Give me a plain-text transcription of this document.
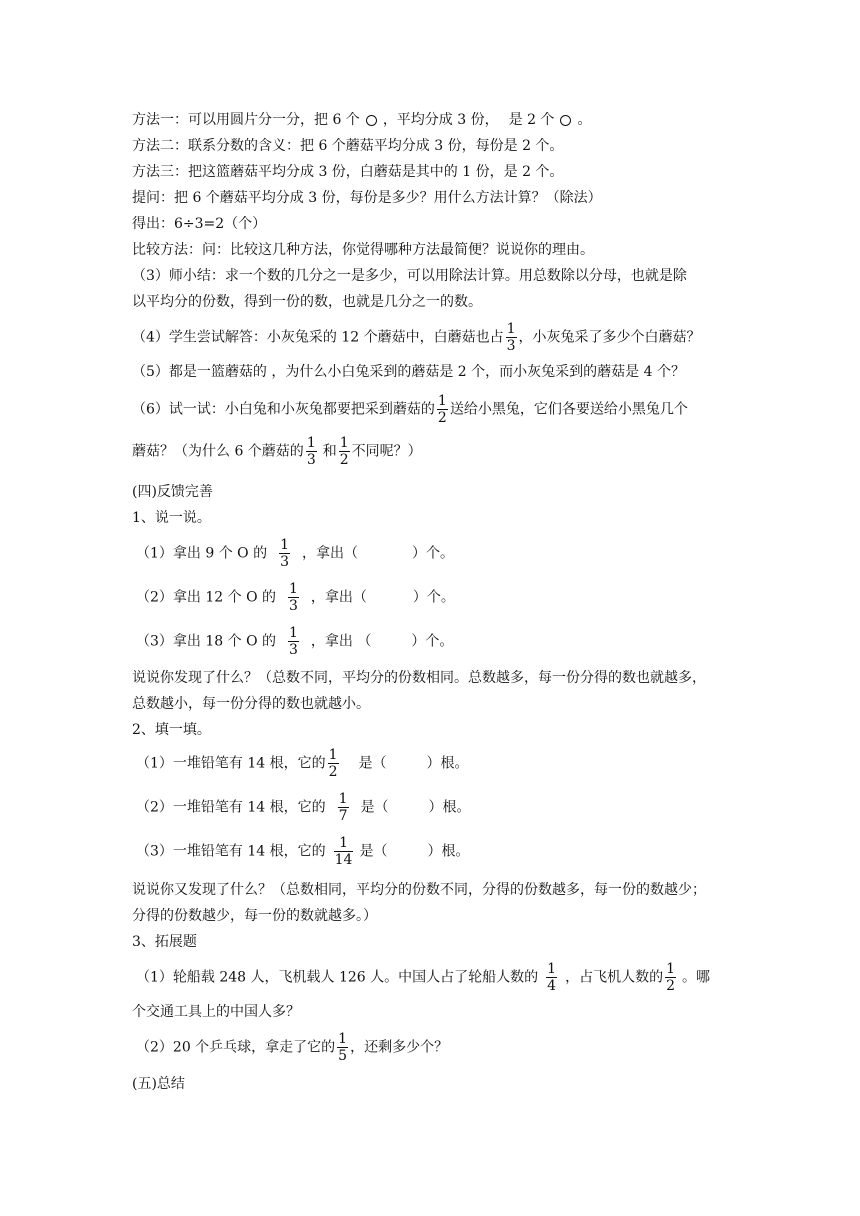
方法一：可以用圆片分一分，把 6 个 ，平均分成 3 份， 是 2 个 。
方法二：联系分数的含义：把 6 个蘑菇平均分成 3 份，每份是 2 个。
方法三：把这篮蘑菇平均分成 3 份，白蘑菇是其中的 1 份，是 2 个。
提问：把 6 个蘑菇平均分成 3 份，每份是多少？用什么方法计算？（除法）
得出：6÷3=2（个）
比较方法：问：比较这几种方法，你觉得哪种方法最简便？说说你的理由。
（3）师小结：求一个数的几分之一是多少，可以用除法计算。用总数除以分母，也就是除
以平均分的份数，得到一份的数，也就是几分之一的数。
（4）学生尝试解答：小灰兔采的 12 个蘑菇中，白蘑菇也占 $\frac{1}{3}$ ，小灰兔采了多少个白蘑菇？
（5）都是一篮蘑菇的 ，为什么小白兔采到的蘑菇是 2 个，而小灰兔采到的蘑菇是 4 个？
（6）试一试：小白兔和小灰兔都要把采到蘑菇的 $\frac{1}{2}$ 送给小黑兔，它们各要送给小黑兔几个
蘑菇？（为什么 6 个蘑菇的 $\frac{1}{3}$ 和 $\frac{1}{2}$ 不同呢？）
(四)反馈完善
1、说一说。
（1）拿出 9 个 O 的 $\frac{1}{3}$ ，拿出（	）个。
（2）拿出 12 个 O 的 $\frac{1}{3}$ ，拿出（	）个。
（3）拿出 18 个 O 的 $\frac{1}{3}$ ，拿出 （	）个。
说说你发现了什么？（总数不同，平均分的份数相同。总数越多，每一份分得的数也就越多，
总数越小，每一份分得的数也就越小。
2、填一填。
（1）一堆铅笔有 14 根，它的 $\frac{1}{2}$ 是（	）根。
（2）一堆铅笔有 14 根，它的 $\frac{1}{7}$ 是（	）根。
（3）一堆铅笔有 14 根，它的 $\frac{1}{14}$ 是（	）根。
说说你又发现了什么？（总数相同，平均分的份数不同，分得的份数越多，每一份的数越少；
分得的份数越少，每一份的数就越多。）
3、拓展题
（1）轮船载 248 人，飞机载人 126 人。中国人占了轮船人数的 $\frac{1}{4}$ ，占飞机人数的 $\frac{1}{2}$ 。哪
个交通工具上的中国人多？
（2）20 个乒乓球，拿走了它的 $\frac{1}{5}$ ，还剩多少个？
(五)总结
